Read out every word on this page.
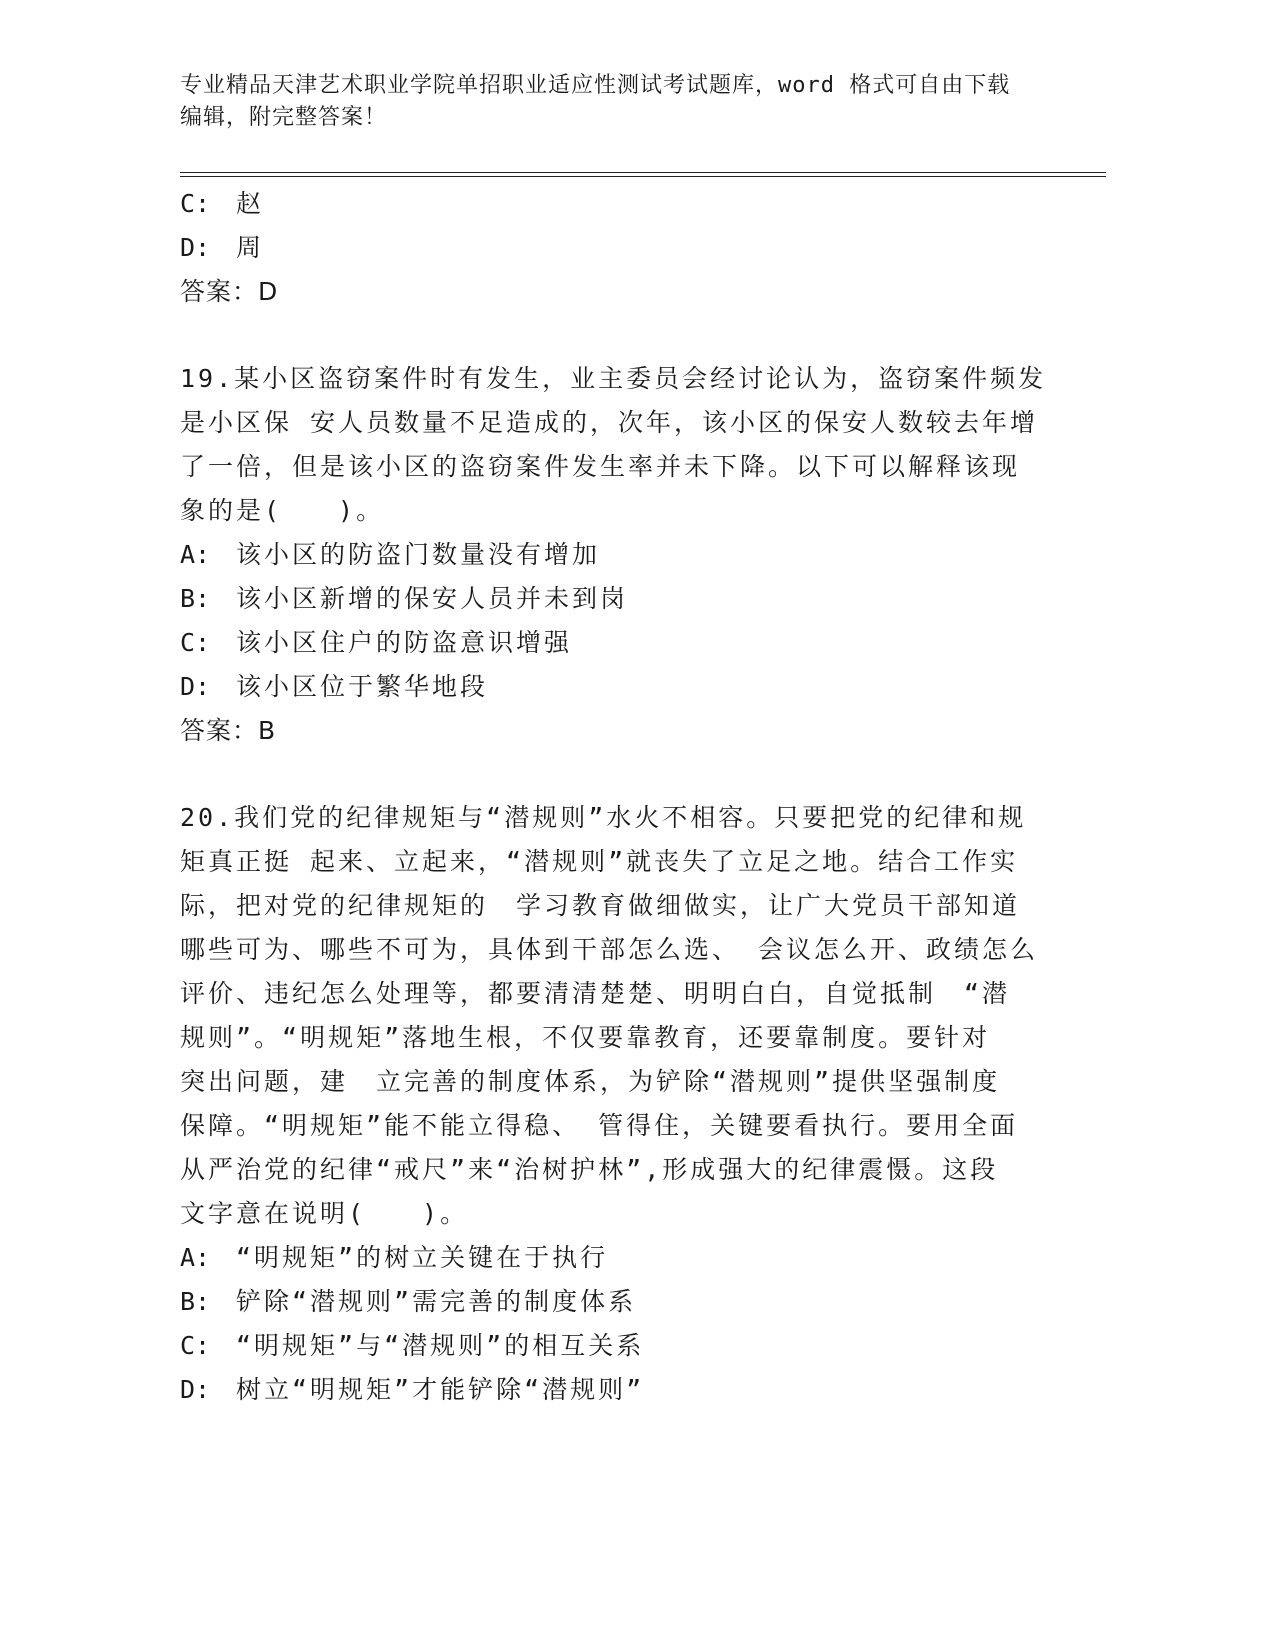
专业精品天津艺术职业学院单招职业适应性测试考试题库，word 格式可自由下载
编辑，附完整答案！
C: 赵
D: 周
答案：D
19.某小区盗窃案件时有发生，业主委员会经讨论认为，盗窃案件频发
是小区保 安人员数量不足造成的，次年，该小区的保安人数较去年增
了一倍，但是该小区的盗窃案件发生率并未下降。以下可以解释该现
象的是(　　)。
A: 该小区的防盗门数量没有增加
B: 该小区新增的保安人员并未到岗
C: 该小区住户的防盗意识增强
D: 该小区位于繁华地段
答案：B
20.我们党的纪律规矩与“潜规则”水火不相容。只要把党的纪律和规
矩真正挺 起来、立起来，“潜规则”就丧失了立足之地。结合工作实
际，把对党的纪律规矩的　学习教育做细做实，让广大党员干部知道
哪些可为、哪些不可为，具体到干部怎么选、 会议怎么开、政绩怎么
评价、违纪怎么处理等，都要清清楚楚、明明白白，自觉抵制　“潜
规则”。“明规矩”落地生根，不仅要靠教育，还要靠制度。要针对
突出问题，建　立完善的制度体系，为铲除“潜规则”提供坚强制度
保障。“明规矩”能不能立得稳、 管得住，关键要看执行。要用全面
从严治党的纪律“戒尺”来“治树护林”,形成强大的纪律震慑。这段
文字意在说明(　　)。
A: “明规矩”的树立关键在于执行
B: 铲除“潜规则”需完善的制度体系
C: “明规矩”与“潜规则”的相互关系
D: 树立“明规矩”才能铲除“潜规则”
